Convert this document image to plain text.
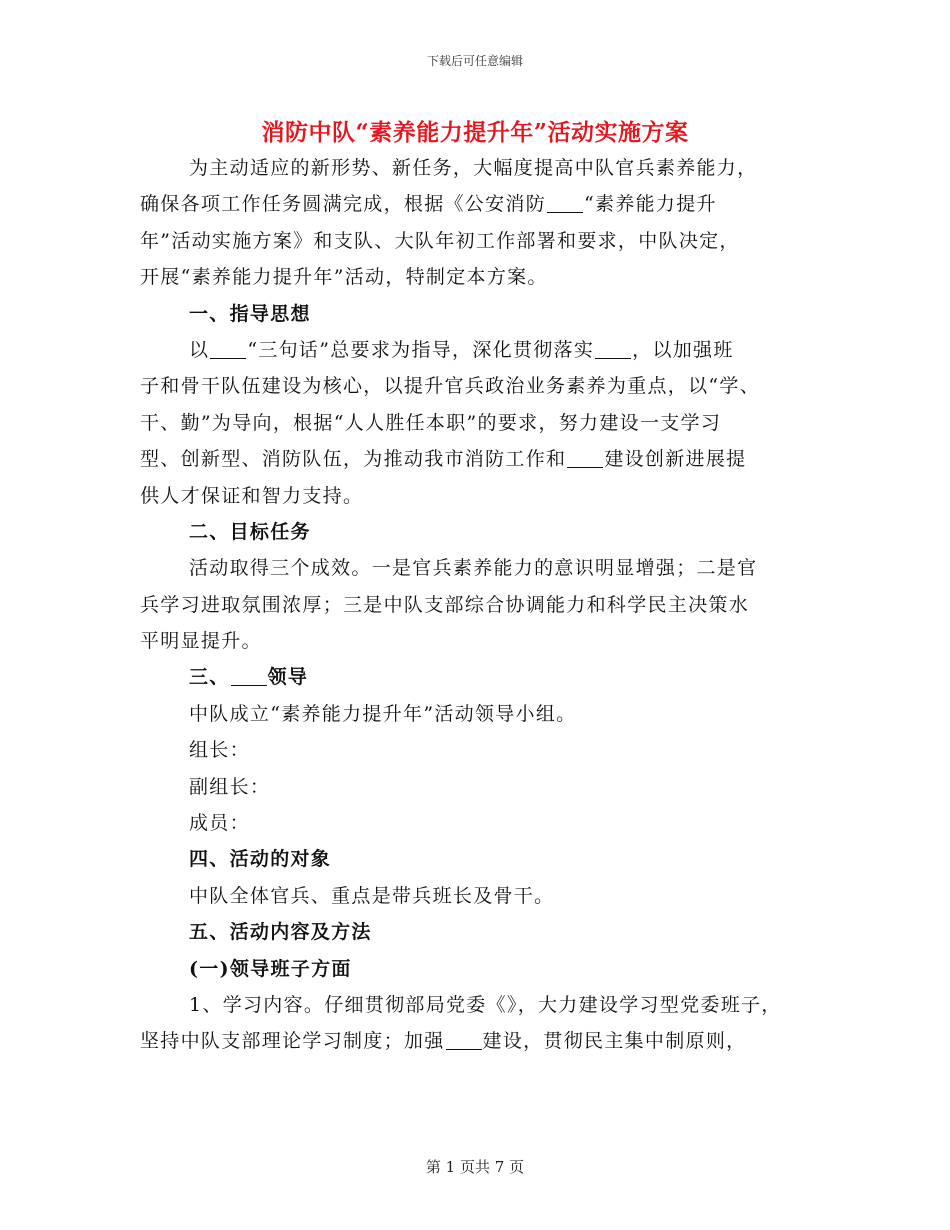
下载后可任意编辑
消防中队“素养能力提升年”活动实施方案
为主动适应的新形势、新任务，大幅度提高中队官兵素养能力，
确保各项工作任务圆满完成，根据《公安消防 “素养能力提升
年”活动实施方案》和支队、大队年初工作部署和要求，中队决定，
开展“素养能力提升年”活动，特制定本方案。
一、指导思想
以 “三句话”总要求为指导，深化贯彻落实 ，以加强班
子和骨干队伍建设为核心，以提升官兵政治业务素养为重点，以“学、
干、勤”为导向，根据“人人胜任本职”的要求，努力建设一支学习
型、创新型、消防队伍，为推动我市消防工作和 建设创新进展提
供人才保证和智力支持。
二、目标任务
活动取得三个成效。一是官兵素养能力的意识明显增强；二是官
兵学习进取氛围浓厚；三是中队支部综合协调能力和科学民主决策水
平明显提升。
三、 领导
中队成立“素养能力提升年”活动领导小组。
组长：
副组长：
成员：
四、活动的对象
中队全体官兵、重点是带兵班长及骨干。
五、活动内容及方法
(一)领导班子方面
1、学习内容。仔细贯彻部局党委《》，大力建设学习型党委班子，
坚持中队支部理论学习制度；加强 建设，贯彻民主集中制原则，
第 1 页共 7 页
